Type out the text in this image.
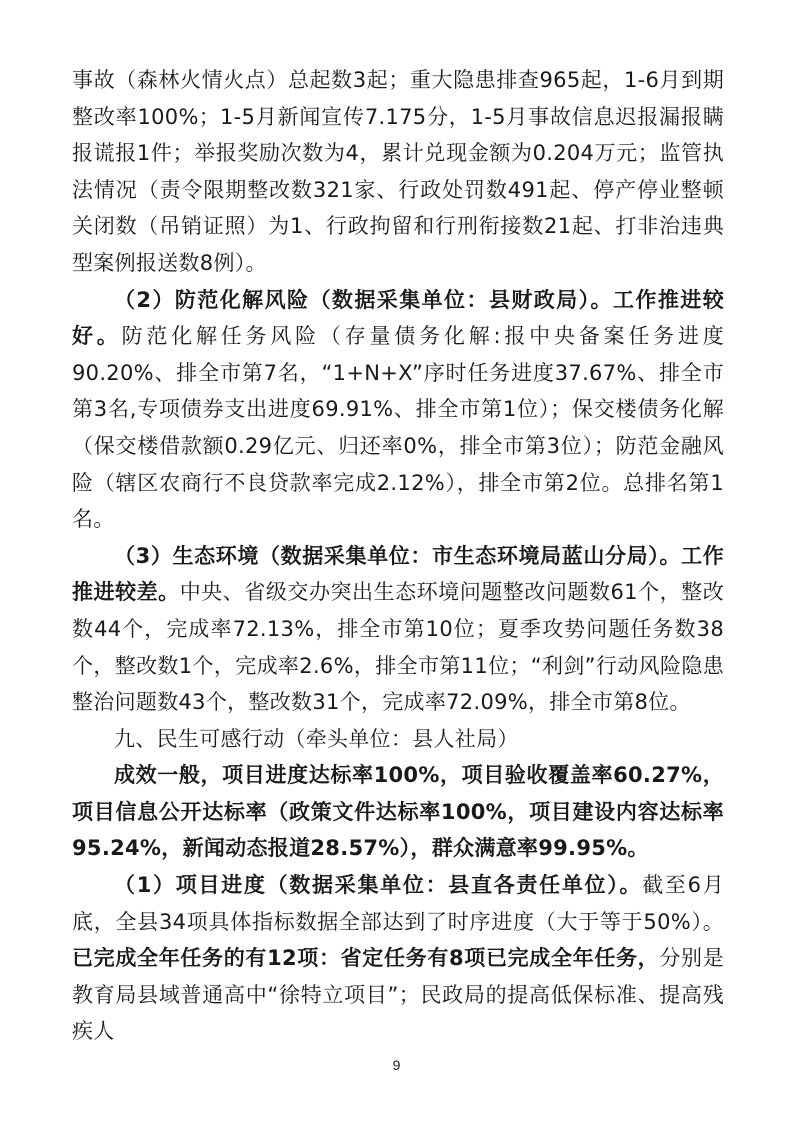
事故（森林火情火点）总起数3起；重大隐患排查965起，1-6月到期整改率100%；1-5月新闻宣传7.175分，1-5月事故信息迟报漏报瞒报谎报1件；举报奖励次数为4，累计兑现金额为0.204万元；监管执法情况（责令限期整改数321家、行政处罚数491起、停产停业整顿关闭数（吊销证照）为1、行政拘留和行刑衔接数21起、打非治违典型案例报送数8例）。

（2）防范化解风险（数据采集单位：县财政局）。工作推进较好。防范化解任务风险（存量债务化解:报中央备案任务进度90.20%、排全市第7名，“1+N+X”序时任务进度37.67%、排全市第3名,专项债券支出进度69.91%、排全市第1位）；保交楼债务化解（保交楼借款额0.29亿元、归还率0%，排全市第3位）；防范金融风险（辖区农商行不良贷款率完成2.12%），排全市第2位。总排名第1名。

（3）生态环境（数据采集单位：市生态环境局蓝山分局）。工作推进较差。中央、省级交办突出生态环境问题整改问题数61个，整改数44个，完成率72.13%，排全市第10位；夏季攻势问题任务数38个，整改数1个，完成率2.6%，排全市第11位；“利剑”行动风险隐患整治问题数43个，整改数31个，完成率72.09%，排全市第8位。

九、民生可感行动（牵头单位：县人社局）

成效一般，项目进度达标率100%，项目验收覆盖率60.27%，项目信息公开达标率（政策文件达标率100%，项目建设内容达标率95.24%，新闻动态报道28.57%），群众满意率99.95%。

（1）项目进度（数据采集单位：县直各责任单位）。截至6月底，全县34项具体指标数据全部达到了时序进度（大于等于50%）。已完成全年任务的有12项：省定任务有8项已完成全年任务，分别是教育局县域普通高中“徐特立项目”；民政局的提高低保标准、提高残疾人

9
